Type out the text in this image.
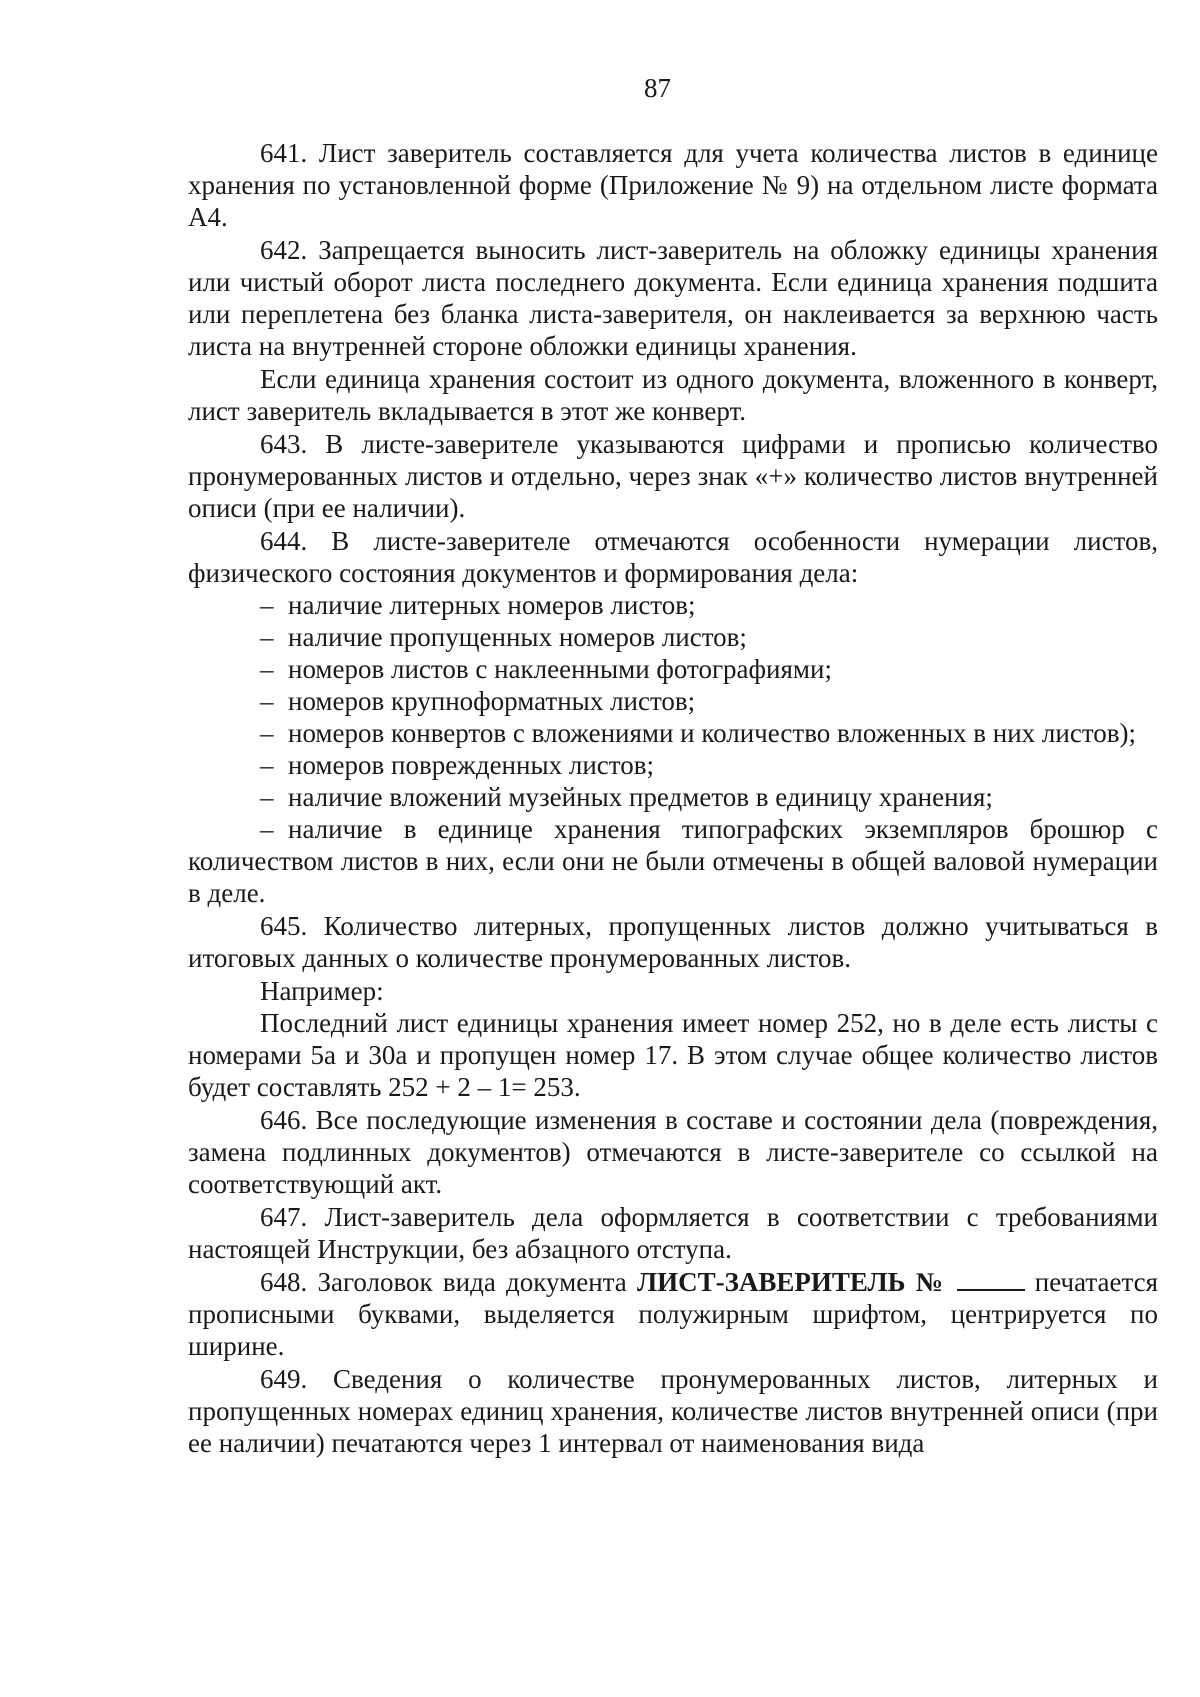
87

641. Лист заверитель составляется для учета количества листов в единице хранения по установленной форме (Приложение № 9) на отдельном листе формата А4.

642. Запрещается выносить лист-заверитель на обложку единицы хранения или чистый оборот листа последнего документа. Если единица хранения подшита или переплетена без бланка листа-заверителя, он наклеивается за верхнюю часть листа на внутренней стороне обложки единицы хранения.

Если единица хранения состоит из одного документа, вложенного в конверт, лист заверитель вкладывается в этот же конверт.

643. В листе-заверителе указываются цифрами и прописью количество пронумерованных листов и отдельно, через знак «+» количество листов внутренней описи (при ее наличии).

644. В листе-заверителе отмечаются особенности нумерации листов, физического состояния документов и формирования дела:

– наличие литерных номеров листов;

– наличие пропущенных номеров листов;

– номеров листов с наклеенными фотографиями;

– номеров крупноформатных листов;

– номеров конвертов с вложениями и количество вложенных в них листов);

– номеров поврежденных листов;

– наличие вложений музейных предметов в единицу хранения;

– наличие в единице хранения типографских экземпляров брошюр с количеством листов в них, если они не были отмечены в общей валовой нумерации в деле.

645. Количество литерных, пропущенных листов должно учитываться в итоговых данных о количестве пронумерованных листов.

Например:

Последний лист единицы хранения имеет номер 252, но в деле есть листы с номерами 5а и 30а и пропущен номер 17. В этом случае общее количество листов будет составлять 252 + 2 – 1= 253.

646. Все последующие изменения в составе и состоянии дела (повреждения, замена подлинных документов) отмечаются в листе-заверителе со ссылкой на соответствующий акт.

647. Лист-заверитель дела оформляется в соответствии с требованиями настоящей Инструкции, без абзацного отступа.

648. Заголовок вида документа ЛИСТ-ЗАВЕРИТЕЛЬ №	печатается прописными буквами, выделяется полужирным шрифтом, центрируется по ширине.

649. Сведения о количестве пронумерованных листов, литерных и пропущенных номерах единиц хранения, количестве листов внутренней описи (при ее наличии) печатаются через 1 интервал от наименования вида
